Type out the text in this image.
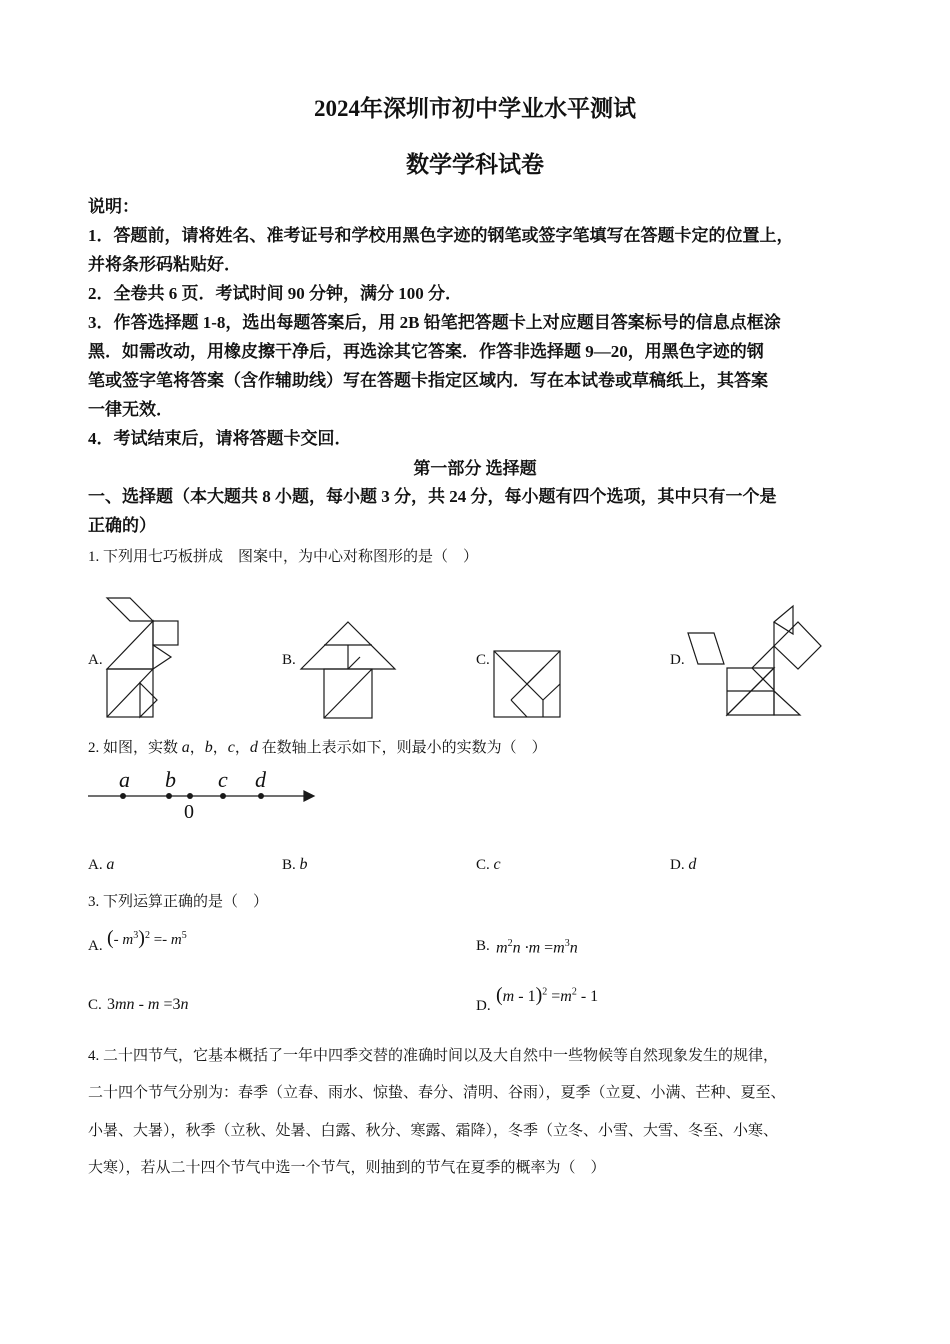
2024年深圳市初中学业水平测试
数学学科试卷
说明：
1．答题前，请将姓名、准考证号和学校用黑色字迹的钢笔或签字笔填写在答题卡定的位置上，
并将条形码粘贴好．
2．全卷共 6 页．考试时间 90 分钟，满分 100 分．
3．作答选择题 1-8，选出每题答案后，用 2B 铅笔把答题卡上对应题目答案标号的信息点框涂
黑．如需改动，用橡皮擦干净后，再选涂其它答案．作答非选择题 9—20，用黑色字迹的钢
笔或签字笔将答案（含作辅助线）写在答题卡指定区域内．写在本试卷或草稿纸上，其答案
一律无效．
4．考试结束后，请将答题卡交回．
第一部分 选择题
一、选择题（本大题共 8 小题，每小题 3 分，共 24 分，每小题有四个选项，其中只有一个是
正确的）
1. 下列用七巧板拼成　图案中，为中心对称图形的是（　）
A.	B.	C.	D.
2. 如图，实数 a，b，c，d 在数轴上表示如下，则最小的实数为（　）
a b c d
0
A. a	B. b	C. c	D. d
3. 下列运算正确的是（　）
A. (- $m^3)^2 =- m^5$
B. $m^2n \cdot m =m^3n$
C. 3mn - m =3n	D. $(m - 1)^2 =m^2 - 1$
4. 二十四节气，它基本概括了一年中四季交替的准确时间以及大自然中一些物候等自然现象发生的规律，
二十四个节气分别为：春季（立春、雨水、惊蛰、春分、清明、谷雨），夏季（立夏、小满、芒种、夏至、
小暑、大暑），秋季（立秋、处暑、白露、秋分、寒露、霜降），冬季（立冬、小雪、大雪、冬至、小寒、
大寒），若从二十四个节气中选一个节气，则抽到的节气在夏季的概率为（　）
